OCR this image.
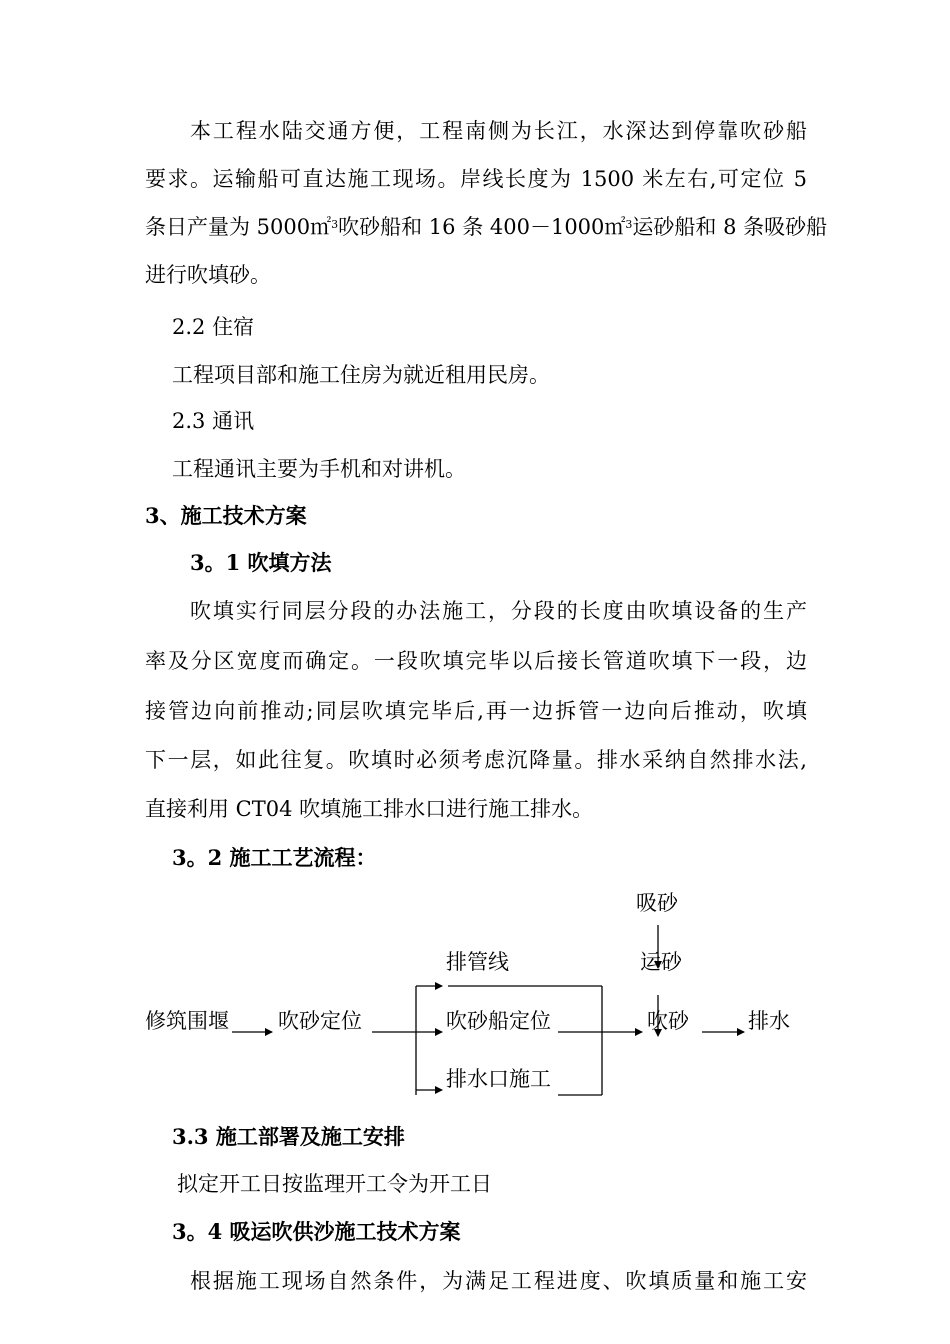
本工程水陆交通方便，工程南侧为长江，水深达到停靠吹砂船
要求。运输船可直达施工现场。岸线长度为 1500 米左右,可定位 5
条日产量为 5000㎡$^3$吹砂船和 16 条 400－1000㎡$^3$运砂船和 8 条吸砂船
进行吹填砂。
2.2 住宿
工程项目部和施工住房为就近租用民房。
2.3 通讯
工程通讯主要为手机和对讲机。
3、施工技术方案
3。1 吹填方法
吹填实行同层分段的办法施工，分段的长度由吹填设备的生产
率及分区宽度而确定。一段吹填完毕以后接长管道吹填下一段，边
接管边向前推动;同层吹填完毕后,再一边拆管一边向后推动，吹填
下一层，如此往复。吹填时必须考虑沉降量。排水采纳自然排水法,
直接利用 CT04 吹填施工排水口进行施工排水。
3。2 施工工艺流程：
修筑围堰 吹砂定位
排管线
吹砂船定位
排水口施工
吸砂
运砂
吹砂	排水
3.3 施工部署及施工安排
拟定开工日按监理开工令为开工日
3。4 吸运吹供沙施工技术方案
根据施工现场自然条件，为满足工程进度、吹填质量和施工安
